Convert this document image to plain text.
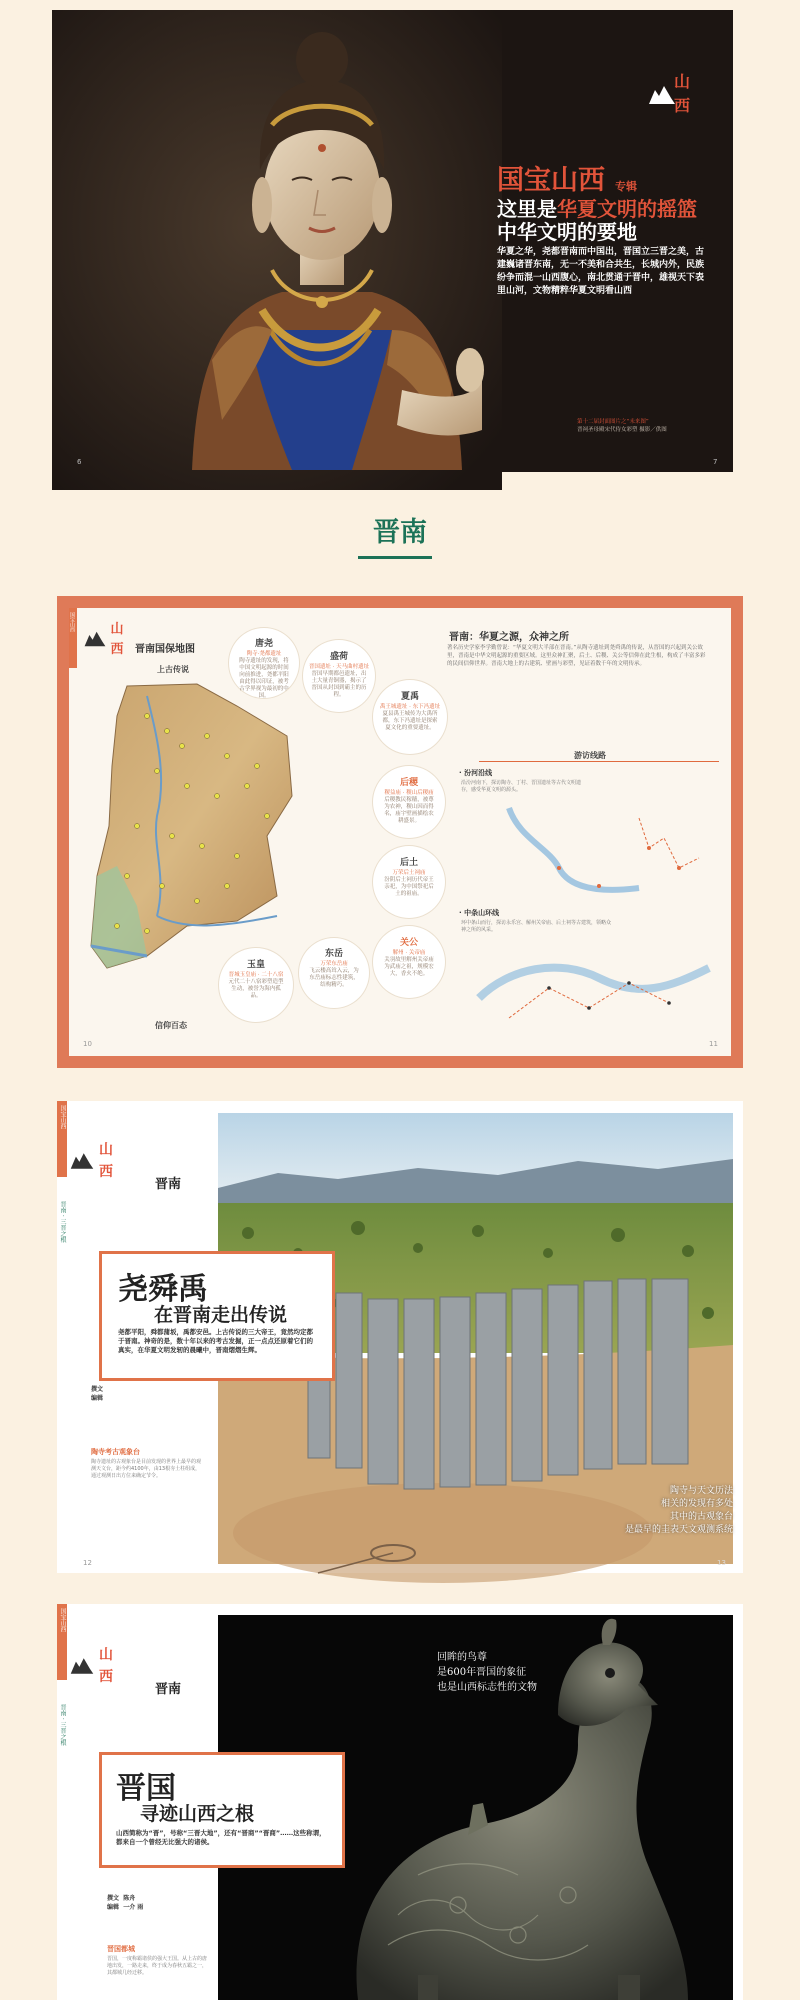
6	7
山西
国宝山西 专辑
这里是华夏文明的摇篮
中华文明的要地
华夏之华，尧都晋南而中国出，晋国立三晋之美，古建巍诸晋东南，无一不美和合共生，长城内外，民族纷争而混一山西腹心，南北贯通于晋中，雄视天下表里山河，文物精粹华夏文明看山西
第十二届封面图片之“未来图”
晋祠圣母殿宋代侍女彩塑 摄影／供图
晋南
国宝山西	山西	晋南国保地图
上古传说
信仰百态
唐尧
陶寺·尧都遗址
陶寺遗址的发现，将中国文明起源的时间向前推进，尧都平阳由此得以印证，被考古学界视为最初的中国。
盛荷
晋国遗址 · 天马曲村遗址
晋国早期都邑遗址，出土大量青铜器，揭示了晋国从封国到霸主的历程。	夏禹
禹王城遗址 · 东下冯遗址
夏县禹王城传为大禹所都，东下冯遗址是探索夏文化的重要遗址。
后稷
稷益庙 · 稷山后稷庙
后稷教民稼穑，被尊为农神，稷山因而得名，庙宇壁画描绘农耕盛景。
后土
万荣后土祠庙
汾阴后土祠历代帝王亲祀，为中国祭祀后土的祖庙。
关公
解州 · 关帝庙
关羽故里解州关帝庙为武庙之祖，规模宏大，香火不绝。
玉皇
晋城玉皇庙 · 二十八宿
元代二十八宿彩塑造型生动，被誉为海内孤品。
东岳
万荣东岳庙
飞云楼高耸入云，为东岳庙标志性建筑，结构精巧。
晋南：华夏之源，众神之所
著名历史学家李学勤曾说：“华夏文明大半部在晋南。”从陶寺遗址到尧舜禹的传说，从晋国的兴起到关公故里，晋南是中华文明起源的重要区域。这里众神汇聚，后土、后稷、关公等信仰在此生根，构成了丰富多彩的民间信仰世界。晋南大地上的古建筑、壁画与彩塑，见证着数千年的文明传承。
游访线路
· 汾河沿线
沿汾河南下，探访陶寺、丁村、晋国遗址等古代文明遗存，感受华夏文明的源头。
· 中条山环线
环中条山而行，探访永乐宫、解州关帝庙、后土祠等古建筑，领略众神之所的风采。
10	11
国宝山西
晋南 · 三晋之根
山西
晋南
陶寺与天文历法
相关的发现有多处
其中的古观象台
是最早的圭表天文观测系统
尧舜禹
在晋南走出传说
尧都平阳，舜都蒲坂，禹都安邑。上古传说的三大帝王，竟然均定都于晋南。神奇的是，数十年以来的考古发掘，正一点点还原着它们的真实，在华夏文明发轫的晨曦中，晋南熠熠生辉。
撰文
编辑
陶寺考古观象台
陶寺遗址的古观象台是目前发现的世界上最早的观测天文台，距今约4100年，由13根夯土柱组成，通过观测日出方位来确定节令。
12	13
国宝山西
晋南 · 三晋之根
山西
晋南
回眸的鸟尊
是600年晋国的象征
也是山西标志性的文物
晋国
寻迹山西之根
山西简称为“晋”，号称“三晋大地”，还有“晋商”“晋商”……这些称谓，都来自一个曾经无比强大的诸侯。
撰文 陈舟
编辑 一介 雨
晋国都城
晋国，一度称霸诸侯的强大王国。从上古的唐地出发，一路走来，终于成为春秋五霸之一，其都城几经迁移。
